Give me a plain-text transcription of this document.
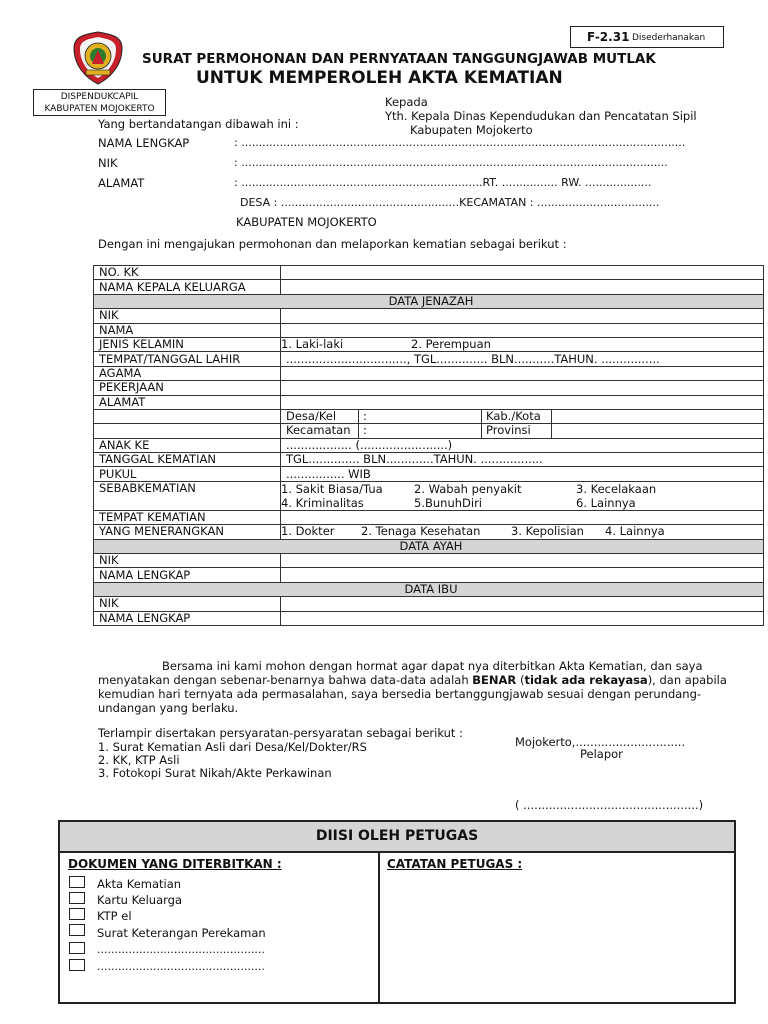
F-2.31 Disederhanakan
SURAT PERMOHONAN DAN PERNYATAAN TANGGUNGJAWAB MUTLAK
UNTUK MEMPEROLEH AKTA KEMATIAN
DISPENDUKCAPIL
KABUPATEN MOJOKERTO	Kepada
Yth. Kepala Dinas Kependudukan dan Pencatatan Sipil
Kabupaten Mojokerto
Yang bertandatangan dibawah ini :
NAMA LENGKAP	: ...............................................................................................................................
NIK	: ..........................................................................................................................
ALAMAT	: .....................................................................RT. ................ RW. ...................
DESA : ...................................................KECAMATAN : ...................................
KABUPATEN MOJOKERTO
Dengan ini mengajukan permohonan dan melaporkan kematian sebagai berikut :
NO. KK	
NAMA KEPALA KELUARGA	
DATA JENAZAH
NIK	
NAMA	
JENIS KELAMIN	1. Laki-laki	2. Perempuan
TEMPAT/TANGGAL LAHIR	................................., TGL.............. BLN...........TAHUN. ................
AGAMA	
PEKERJAAN	
ALAMAT	

Desa/Kel	:	Kab./Kota	

Kecamatan	:	Provinsi	

ANAK KE	.................. (........................)
TANGGAL KEMATIAN	TGL.............. BLN.............TAHUN. .................
PUKUL	................ WIB
SEBABKEMATIAN	1. Sakit Biasa/Tua	2. Wabah penyakit	3. Kecelakaan
4. Kriminalitas	5.BunuhDiri	6. Lainnya

TEMPAT KEMATIAN	
YANG MENERANGKAN	1. Dokter 2. Tenaga Kesehatan	3. Kepolisian 4. Lainnya
DATA AYAH
NIK	
NAMA LENGKAP	
DATA IBU
NIK	
NAMA LENGKAP	
Bersama ini kami mohon dengan hormat agar dapat nya diterbitkan Akta Kematian, dan saya
menyatakan dengan sebenar-benarnya bahwa data-data adalah BENAR (tidak ada rekayasa), dan apabila
kemudian hari ternyata ada permasalahan, saya bersedia bertanggungjawab sesuai dengan perundang-
undangan yang berlaku.
Terlampir disertakan persyaratan-persyaratan sebagai berikut :
1. Surat Kematian Asli dari Desa/Kel/Dokter/RS
2. KK, KTP Asli
3. Fotokopi Surat Nikah/Akte Perkawinan
Mojokerto,..............................
Pelapor
( ................................................)
DIISI OLEH PETUGAS
DOKUMEN YANG DITERBITKAN :	CATATAN PETUGAS :
Akta Kematian
Kartu Keluarga
KTP el
Surat Keterangan Perekaman
................................................
................................................
